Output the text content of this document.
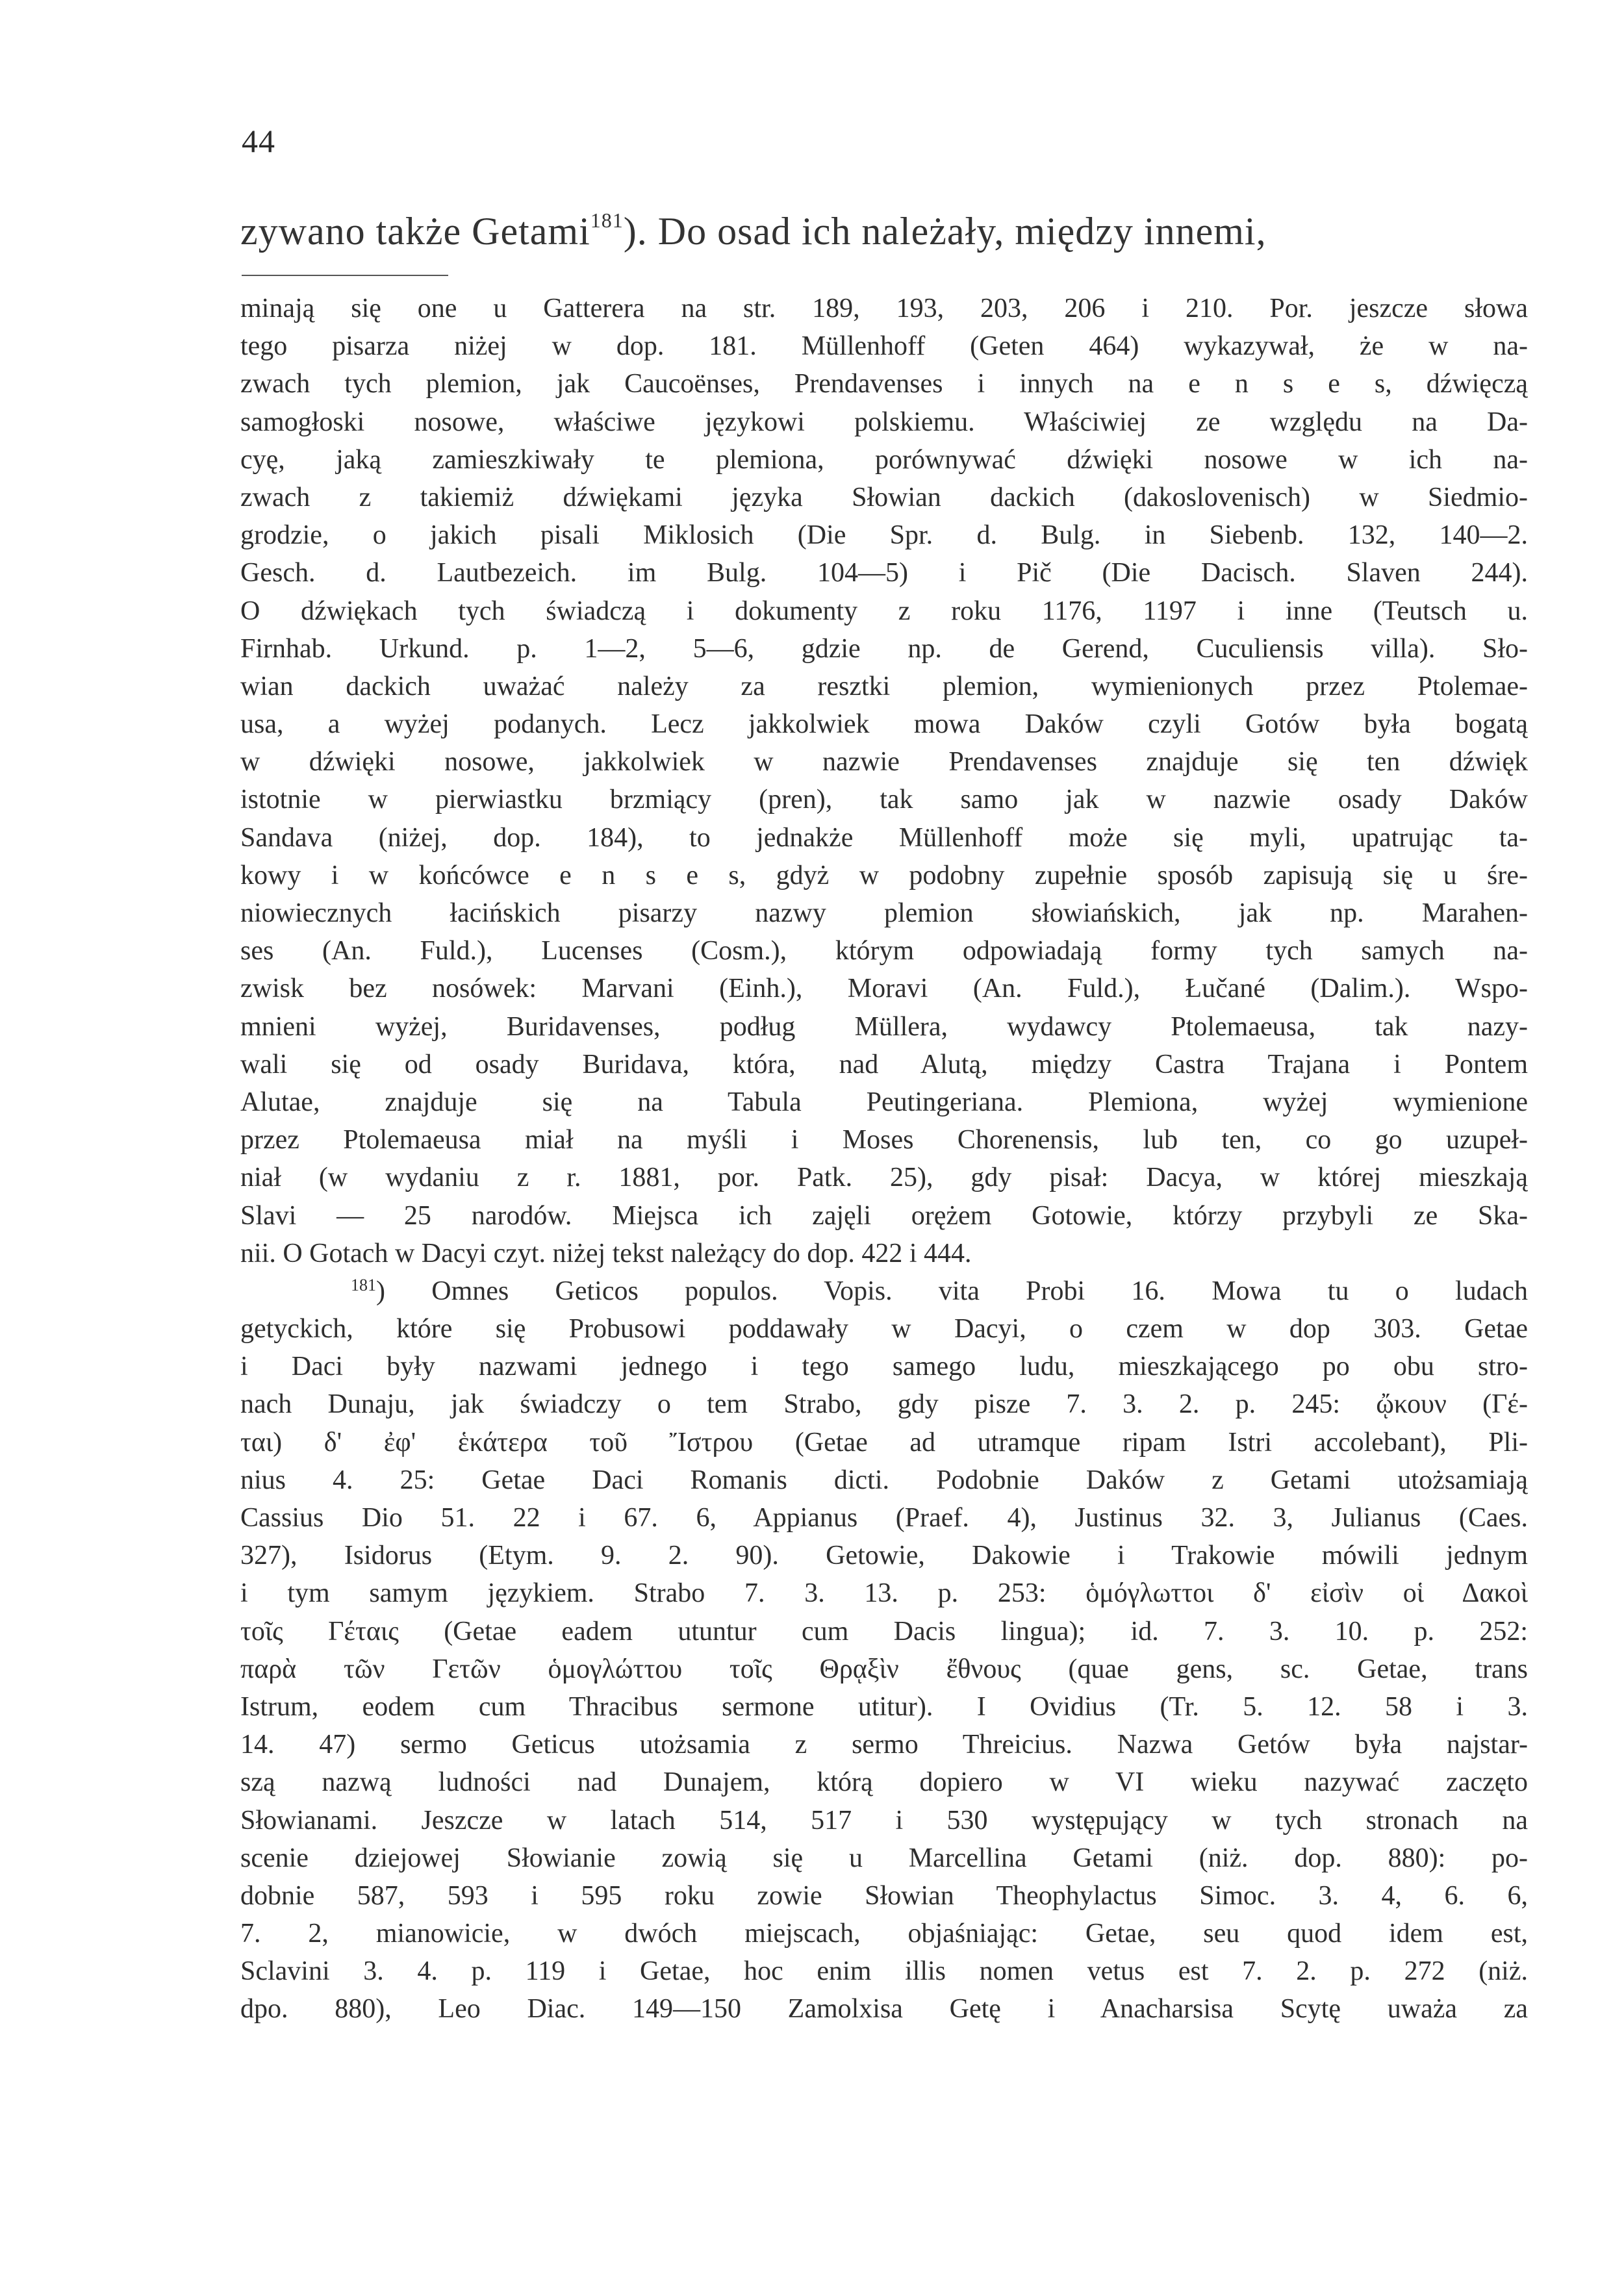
44
zywano także Getami$^{181}$). Do osad ich należały, między innemi,
minają się one u Gatterera na str. 189, 193, 203, 206 i 210. Por. jeszcze słowa
tego pisarza niżej w dop. 181. Müllenhoff (Geten 464) wykazywał, że w na-
zwach tych plemion, jak Caucoënses, Prendavenses i innych na e n s e s, dźwięczą
samogłoski nosowe, właściwe językowi polskiemu. Właściwiej ze względu na Da-
cyę, jaką zamieszkiwały te plemiona, porównywać dźwięki nosowe w ich na-
zwach z takiemiż dźwiękami języka Słowian dackich (dakoslovenisch) w Siedmio-
grodzie, o jakich pisali Miklosich (Die Spr. d. Bulg. in Siebenb. 132, 140—2.
Gesch. d. Lautbezeich. im Bulg. 104—5) i Pič (Die Dacisch. Slaven 244).
O dźwiękach tych świadczą i dokumenty z roku 1176, 1197 i inne (Teutsch u.
Firnhab. Urkund. p. 1—2, 5—6, gdzie np. de Gerend, Cuculiensis villa). Sło-
wian dackich uważać należy za resztki plemion, wymienionych przez Ptolemae-
usa, a wyżej podanych. Lecz jakkolwiek mowa Daków czyli Gotów była bogatą
w dźwięki nosowe, jakkolwiek w nazwie Prendavenses znajduje się ten dźwięk
istotnie w pierwiastku brzmiący (pren), tak samo jak w nazwie osady Daków
Sandava (niżej, dop. 184), to jednakże Müllenhoff może się myli, upatrując ta-
kowy i w końcówce e n s e s, gdyż w podobny zupełnie sposób zapisują się u śre-
niowiecznych łacińskich pisarzy nazwy plemion słowiańskich, jak np. Marahen-
ses (An. Fuld.), Lucenses (Cosm.), którym odpowiadają formy tych samych na-
zwisk bez nosówek: Marvani (Einh.), Moravi (An. Fuld.), Łučané (Dalim.). Wspo-
mnieni wyżej, Buridavenses, podług Müllera, wydawcy Ptolemaeusa, tak nazy-
wali się od osady Buridava, która, nad Alutą, między Castra Trajana i Pontem
Alutae, znajduje się na Tabula Peutingeriana. Plemiona, wyżej wymienione
przez Ptolemaeusa miał na myśli i Moses Chorenensis, lub ten, co go uzupeł-
niał (w wydaniu z r. 1881, por. Patk. 25), gdy pisał: Dacya, w której mieszkają
Slavi — 25 narodów. Miejsca ich zajęli orężem Gotowie, którzy przybyli ze Ska-
nii. O Gotach w Dacyi czyt. niżej tekst należący do dop. 422 i 444.
$^{181}$) Omnes Geticos populos. Vopis. vita Probi 16. Mowa tu o ludach
getyckich, które się Probusowi poddawały w Dacyi, o czem w dop 303. Getae
i Daci były nazwami jednego i tego samego ludu, mieszkającego po obu stro-
nach Dunaju, jak świadczy o tem Strabo, gdy pisze 7. 3. 2. p. 245: ᾤκουν (Γέ-
ται) δ' ἐφ' ἑκάτερα τοῦ Ἴστρου (Getae ad utramque ripam Istri accolebant), Pli-
nius 4. 25: Getae Daci Romanis dicti. Podobnie Daków z Getami utożsamiają
Cassius Dio 51. 22 i 67. 6, Appianus (Praef. 4), Justinus 32. 3, Julianus (Caes.
327), Isidorus (Etym. 9. 2. 90). Getowie, Dakowie i Trakowie mówili jednym
i tym samym językiem. Strabo 7. 3. 13. p. 253: ὁμόγλωττοι δ' εἰσὶν οἱ Δακοὶ
τοῖς Γέταις (Getae eadem utuntur cum Dacis lingua); id. 7. 3. 10. p. 252:
παρὰ τῶν Γετῶν ὁμογλώττου τοῖς Θρᾳξὶν ἔθνους (quae gens, sc. Getae, trans
Istrum, eodem cum Thracibus sermone utitur). I Ovidius (Tr. 5. 12. 58 i 3.
14. 47) sermo Geticus utożsamia z sermo Threicius. Nazwa Getów była najstar-
szą nazwą ludności nad Dunajem, którą dopiero w VI wieku nazywać zaczęto
Słowianami. Jeszcze w latach 514, 517 i 530 występujący w tych stronach na
scenie dziejowej Słowianie zowią się u Marcellina Getami (niż. dop. 880): po-
dobnie 587, 593 i 595 roku zowie Słowian Theophylactus Simoc. 3. 4, 6. 6,
7. 2, mianowicie, w dwóch miejscach, objaśniając: Getae, seu quod idem est,
Sclavini 3. 4. p. 119 i Getae, hoc enim illis nomen vetus est 7. 2. p. 272 (niż.
dpo. 880), Leo Diac. 149—150 Zamolxisa Getę i Anacharsisa Scytę uważa za
